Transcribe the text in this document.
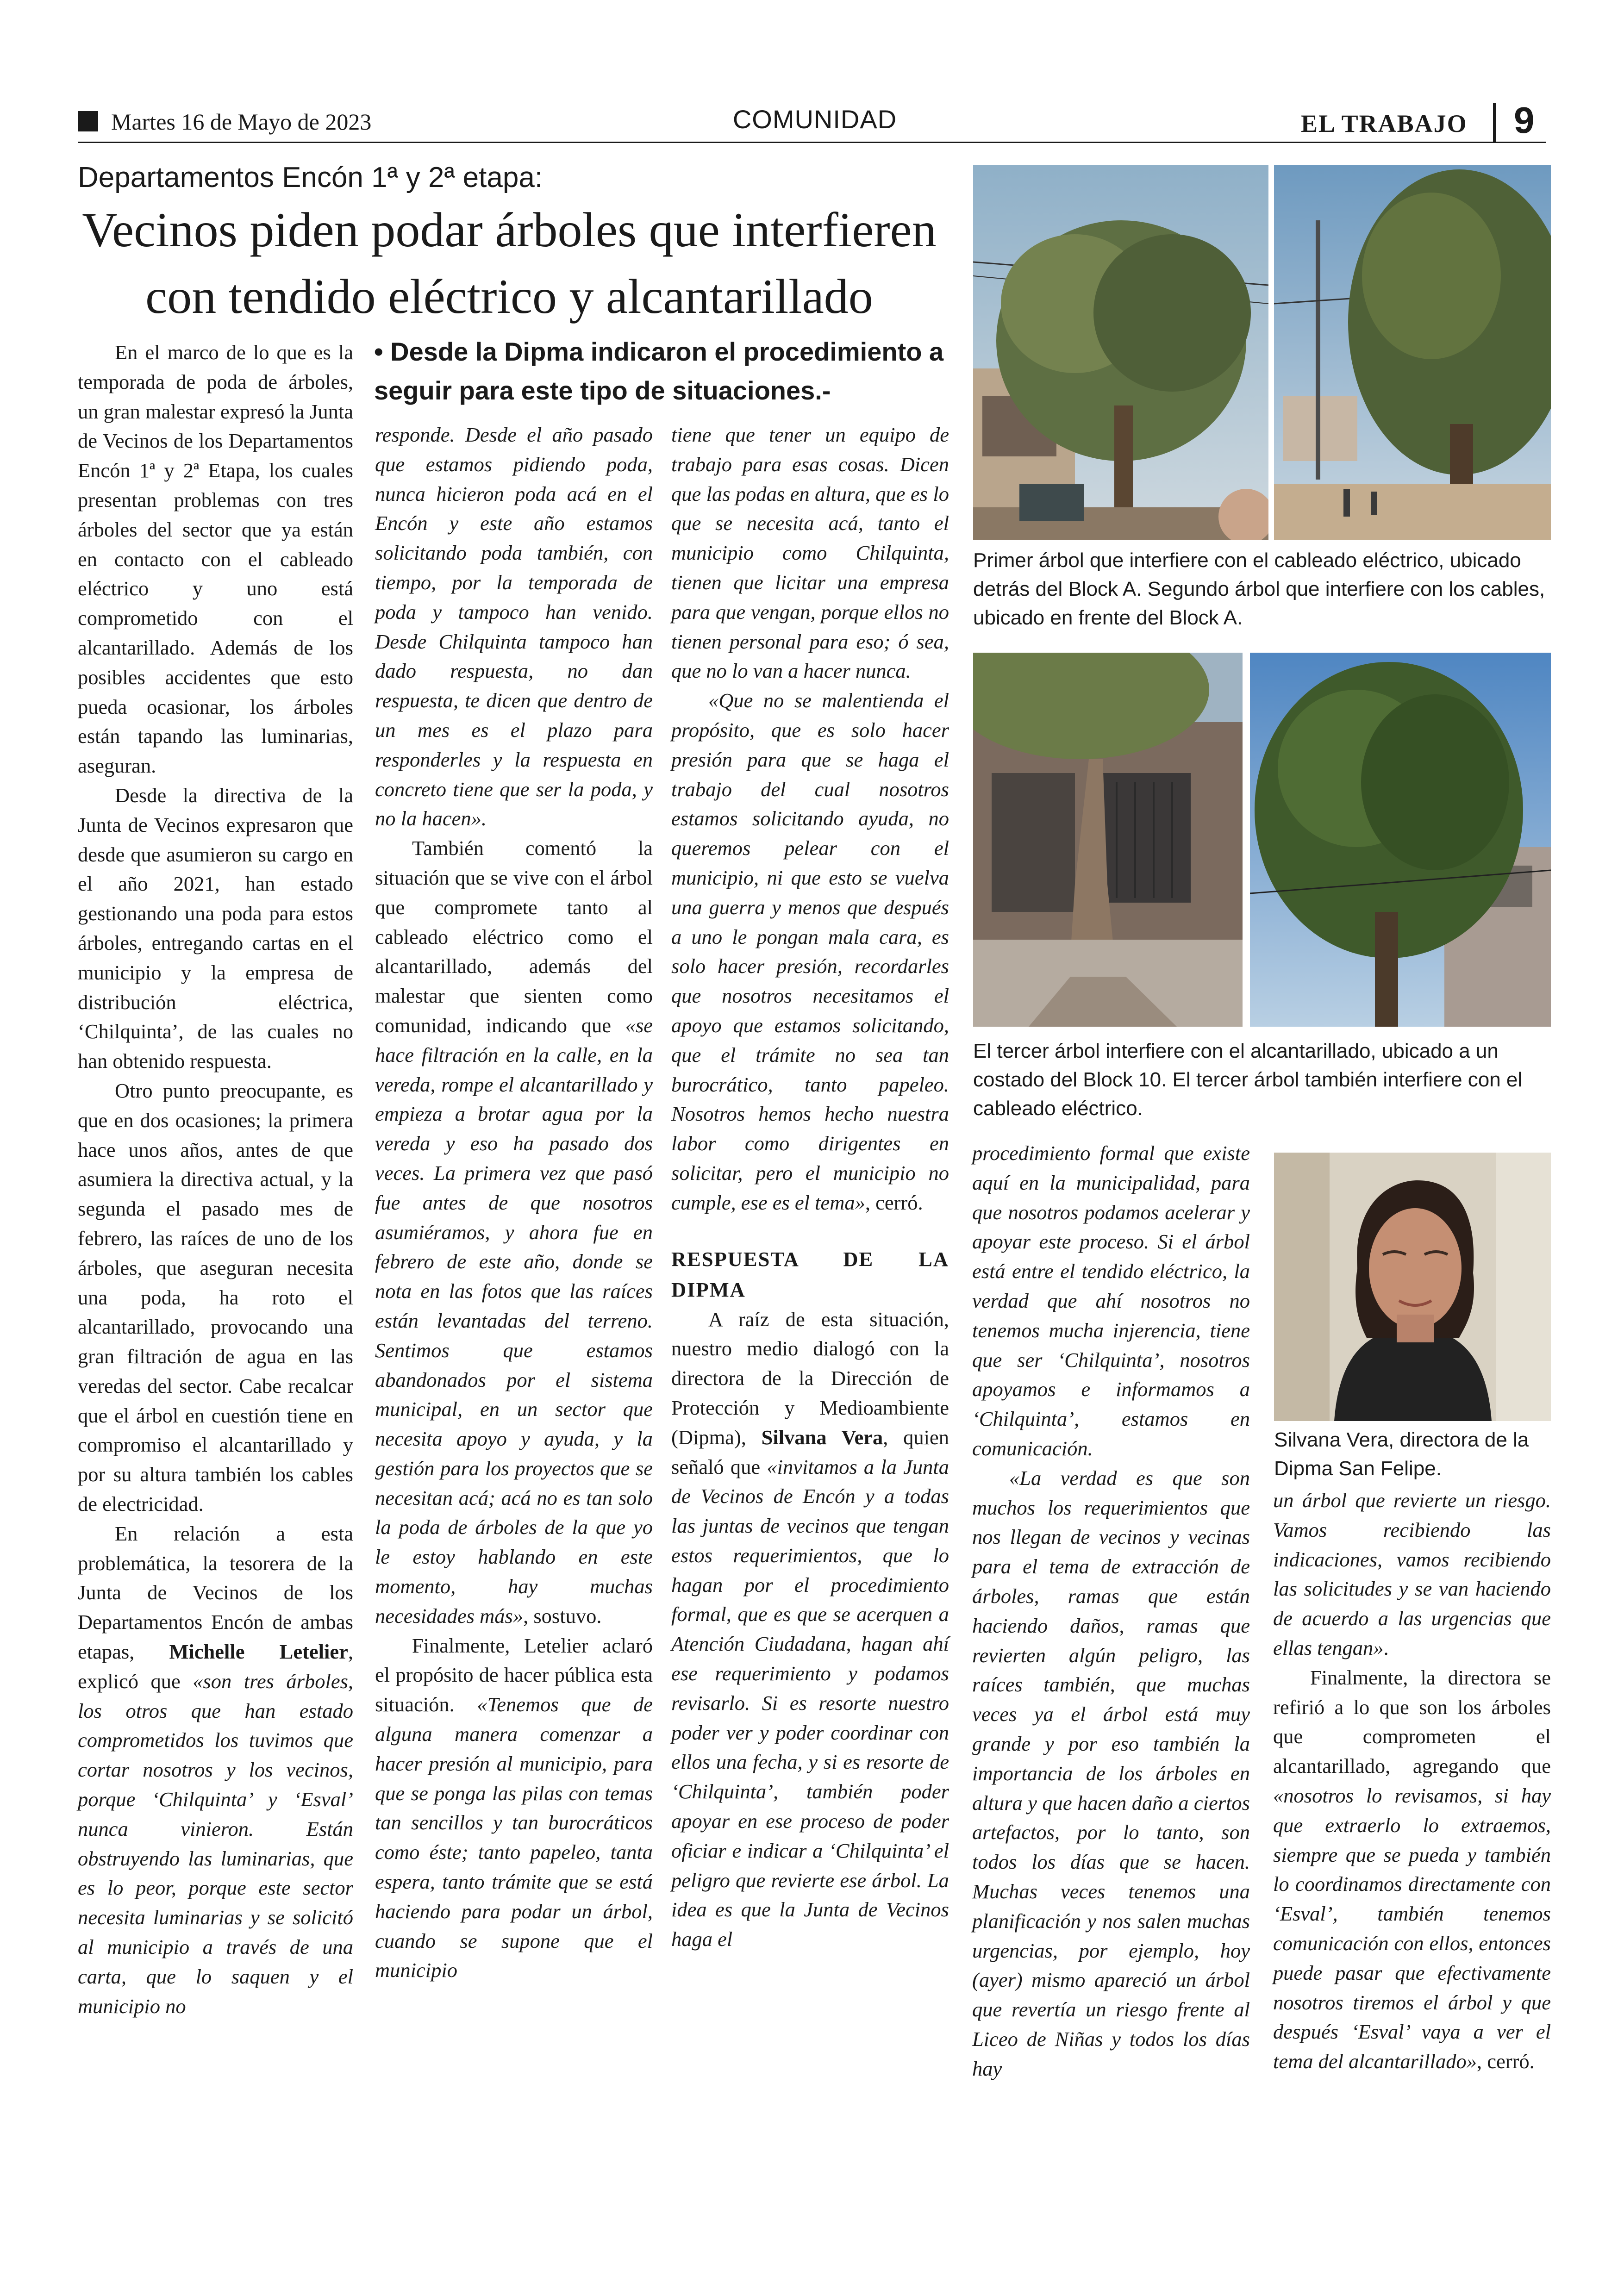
Martes 16 de Mayo de 2023	COMUNIDAD	EL TRABAJO 9
Departamentos Encón 1ª y 2ª etapa:
Vecinos piden podar árboles que interfieren con tendido eléctrico y alcantarillado
• Desde la Dipma indicaron el procedimiento a seguir para este tipo de situaciones.-

En el marco de lo que es la temporada de poda de árboles, un gran malestar expresó la Junta de Vecinos de los Departamentos Encón 1ª y 2ª Etapa, los cuales presentan problemas con tres árboles del sector que ya están en contacto con el cableado eléctrico y uno está comprometido con el alcantarillado. Además de los posibles accidentes que esto pueda ocasionar, los árboles están tapando las luminarias, aseguran.

Desde la directiva de la Junta de Vecinos expresaron que desde que asumieron su cargo en el año 2021, han estado gestionando una poda para estos árboles, entregando cartas en el municipio y la empresa de distribución eléctrica, ‘Chilquinta’, de las cuales no han obtenido respuesta.

Otro punto preocupante, es que en dos ocasiones; la primera hace unos años, antes de que asumiera la directiva actual, y la segunda el pasado mes de febrero, las raíces de uno de los árboles, que aseguran necesita una poda, ha roto el alcantarillado, provocando una gran filtración de agua en las veredas del sector. Cabe recalcar que el árbol en cuestión tiene en compromiso el alcantarillado y por su altura también los cables de electricidad.

En relación a esta problemática, la tesorera de la Junta de Vecinos de los Departamentos Encón de ambas etapas, Michelle Letelier, explicó que «son tres árboles, los otros que han estado comprometidos los tuvimos que cortar nosotros y los vecinos, porque ‘Chilquinta’ y ‘Esval’ nunca vinieron. Están obstruyendo las luminarias, que es lo peor, porque este sector necesita luminarias y se solicitó al municipio a través de una carta, que lo saquen y el municipio no

responde. Desde el año pasado que estamos pidiendo poda, nunca hicieron poda acá en el Encón y este año estamos solicitando poda también, con tiempo, por la temporada de poda y tampoco han venido. Desde Chilquinta tampoco han dado respuesta, no dan respuesta, te dicen que dentro de un mes es el plazo para responderles y la respuesta en concreto tiene que ser la poda, y no la hacen».

También comentó la situación que se vive con el árbol que compromete tanto al cableado eléctrico como el alcantarillado, además del malestar que sienten como comunidad, indicando que «se hace filtración en la calle, en la vereda, rompe el alcantarillado y empieza a brotar agua por la vereda y eso ha pasado dos veces. La primera vez que pasó fue antes de que nosotros asumiéramos, y ahora fue en febrero de este año, donde se nota en las fotos que las raíces están levantadas del terreno. Sentimos que estamos abandonados por el sistema municipal, en un sector que necesita apoyo y ayuda, y la gestión para los proyectos que se necesitan acá; acá no es tan solo la poda de árboles de la que yo le estoy hablando en este momento, hay muchas necesidades más», sostuvo.

Finalmente, Letelier aclaró el propósito de hacer pública esta situación. «Tenemos que de alguna manera comenzar a hacer presión al municipio, para que se ponga las pilas con temas tan sencillos y tan burocráticos como éste; tanto papeleo, tanta espera, tanto trámite que se está haciendo para podar un árbol, cuando se supone que el municipio

tiene que tener un equipo de trabajo para esas cosas. Dicen que las podas en altura, que es lo que se necesita acá, tanto el municipio como Chilquinta, tienen que licitar una empresa para que vengan, porque ellos no tienen personal para eso; ó sea, que no lo van a hacer nunca.

«Que no se malentienda el propósito, que es solo hacer presión para que se haga el trabajo del cual nosotros estamos solicitando ayuda, no queremos pelear con el municipio, ni que esto se vuelva una guerra y menos que después a uno le pongan mala cara, es solo hacer presión, recordarles que nosotros necesitamos el apoyo que estamos solicitando, que el trámite no sea tan burocrático, tanto papeleo. Nosotros hemos hecho nuestra labor como dirigentes en solicitar, pero el municipio no cumple, ese es el tema», cerró.

RESPUESTA DE LA DIPMA

A raíz de esta situación, nuestro medio dialogó con la directora de la Dirección de Protección y Medioambiente (Dipma), Silvana Vera, quien señaló que «invitamos a la Junta de Vecinos de Encón y a todas las juntas de vecinos que tengan estos requerimientos, que lo hagan por el procedimiento formal, que es que se acerquen a Atención Ciudadana, hagan ahí ese requerimiento y podamos revisarlo. Si es resorte nuestro poder ver y poder coordinar con ellos una fecha, y si es resorte de ‘Chilquinta’, también poder apoyar en ese proceso de poder oficiar e indicar a ‘Chilquinta’ el peligro que revierte ese árbol. La idea es que la Junta de Vecinos haga el

procedimiento formal que existe aquí en la municipalidad, para que nosotros podamos acelerar y apoyar este proceso. Si el árbol está entre el tendido eléctrico, la verdad que ahí nosotros no tenemos mucha injerencia, tiene que ser ‘Chilquinta’, nosotros apoyamos e informamos a ‘Chilquinta’, estamos en comunicación.

«La verdad es que son muchos los requerimientos que nos llegan de vecinos y vecinas para el tema de extracción de árboles, ramas que están haciendo daños, ramas que revierten algún peligro, las raíces también, que muchas veces ya el árbol está muy grande y por eso también la importancia de los árboles en altura y que hacen daño a ciertos artefactos, por lo tanto, son todos los días que se hacen. Muchas veces tenemos una planificación y nos salen muchas urgencias, por ejemplo, hoy (ayer) mismo apareció un árbol que revertía un riesgo frente al Liceo de Niñas y todos los días hay

un árbol que revierte un riesgo. Vamos recibiendo las indicaciones, vamos recibiendo las solicitudes y se van haciendo de acuerdo a las urgencias que ellas tengan».

Finalmente, la directora se refirió a lo que son los árboles que comprometen el alcantarillado, agregando que «nosotros lo revisamos, si hay que extraerlo lo extraemos, siempre que se pueda y también lo coordinamos directamente con ‘Esval’, también tenemos comunicación con ellos, entonces puede pasar que efectivamente nosotros tiremos el árbol y que después ‘Esval’ vaya a ver el tema del alcantarillado», cerró.

Primer árbol que interfiere con el cableado eléctrico, ubicado detrás del Block A. Segundo árbol que interfiere con los cables, ubicado en frente del Block A.
El tercer árbol interfiere con el alcantarillado, ubicado a un costado del Block 10. El tercer árbol también interfiere con el cableado eléctrico.
Silvana Vera, directora de la Dipma San Felipe.
